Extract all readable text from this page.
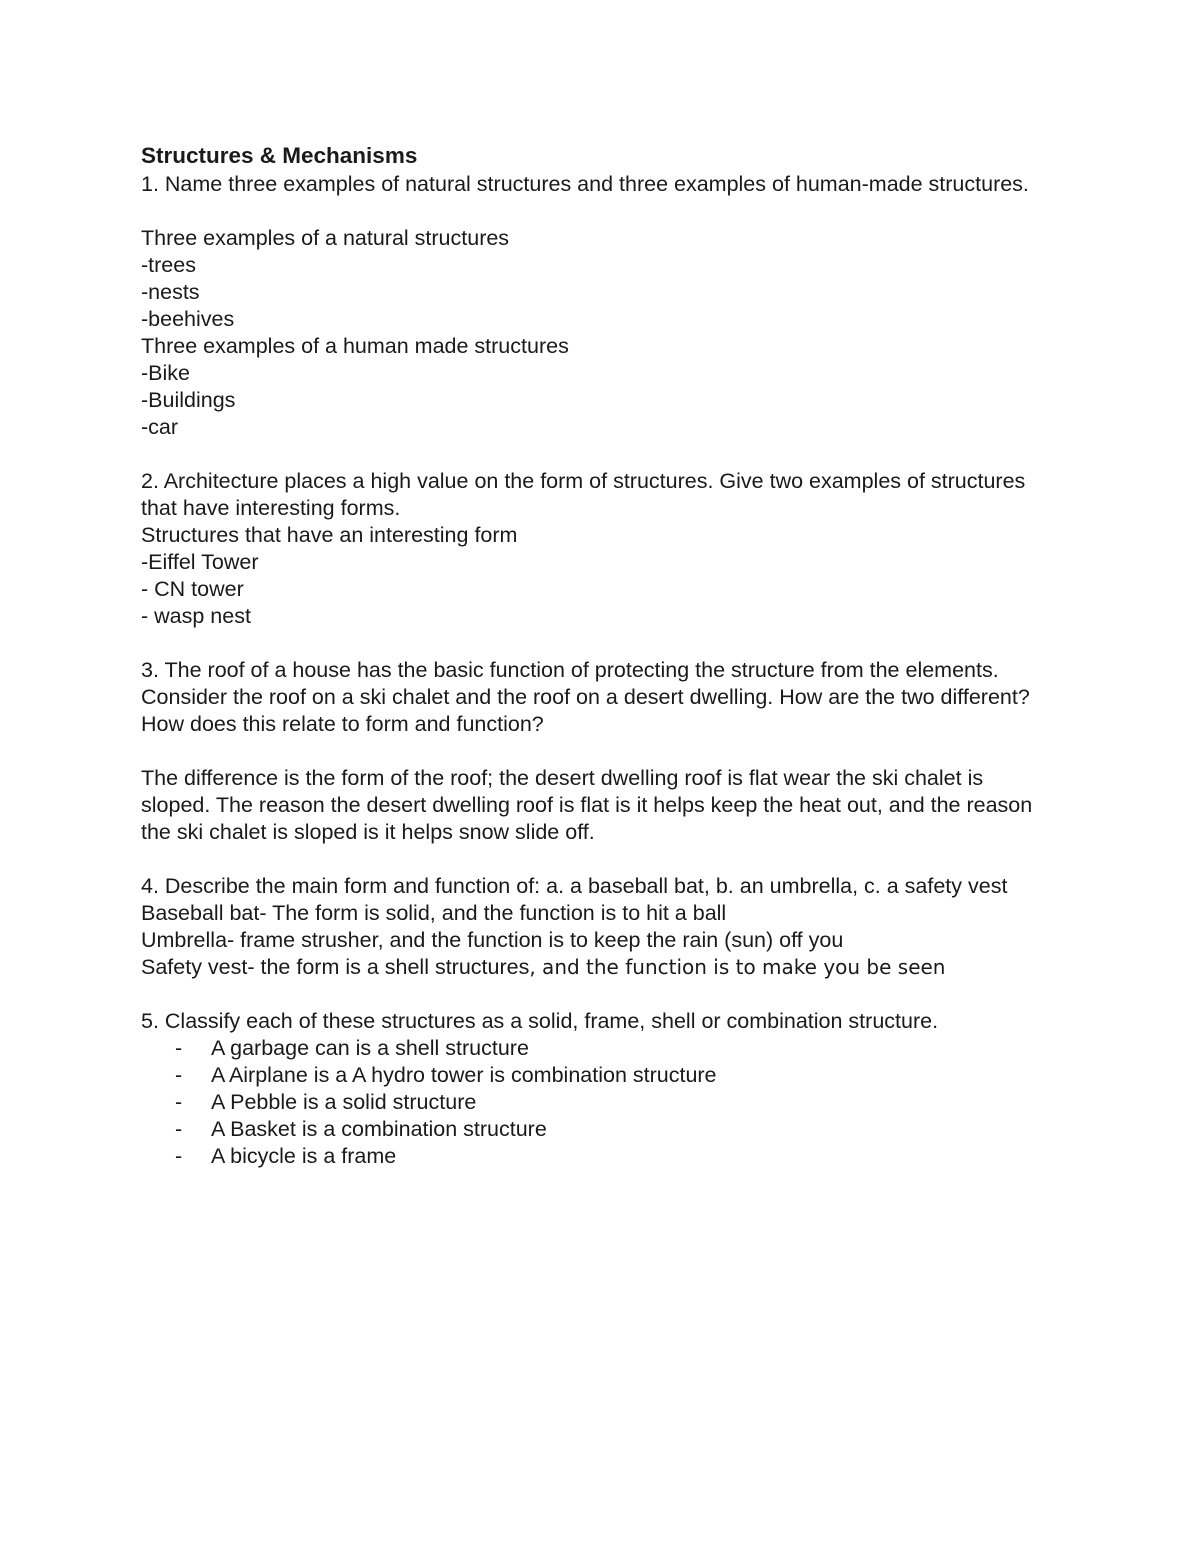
Structures & Mechanisms

1. Name three examples of natural structures and three examples of human-made structures.

Three examples of a natural structures

-trees

-nests

-beehives

Three examples of a human made structures

-Bike

-Buildings

-car

2. Architecture places a high value on the form of structures. Give two examples of structures that have interesting forms.

Structures that have an interesting form

-Eiffel Tower

- CN tower

- wasp nest

3. The roof of a house has the basic function of protecting the structure from the elements. Consider the roof on a ski chalet and the roof on a desert dwelling. How are the two different? How does this relate to form and function?

The difference is the form of the roof; the desert dwelling roof is flat wear the ski chalet is sloped. The reason the desert dwelling roof is flat is it helps keep the heat out, and the reason the ski chalet is sloped is it helps snow slide off.

4. Describe the main form and function of: a. a baseball bat, b. an umbrella, c. a safety vest

Baseball bat- The form is solid, and the function is to hit a ball

Umbrella- frame strusher, and the function is to keep the rain (sun) off you

Safety vest- the form is a shell structures, and the function is to make you be seen

5. Classify each of these structures as a solid, frame, shell or combination structure.

- A garbage can is a shell structure
- A Airplane is a A hydro tower is combination structure
- A Pebble is a solid structure
- A Basket is a combination structure
- A bicycle is a frame
